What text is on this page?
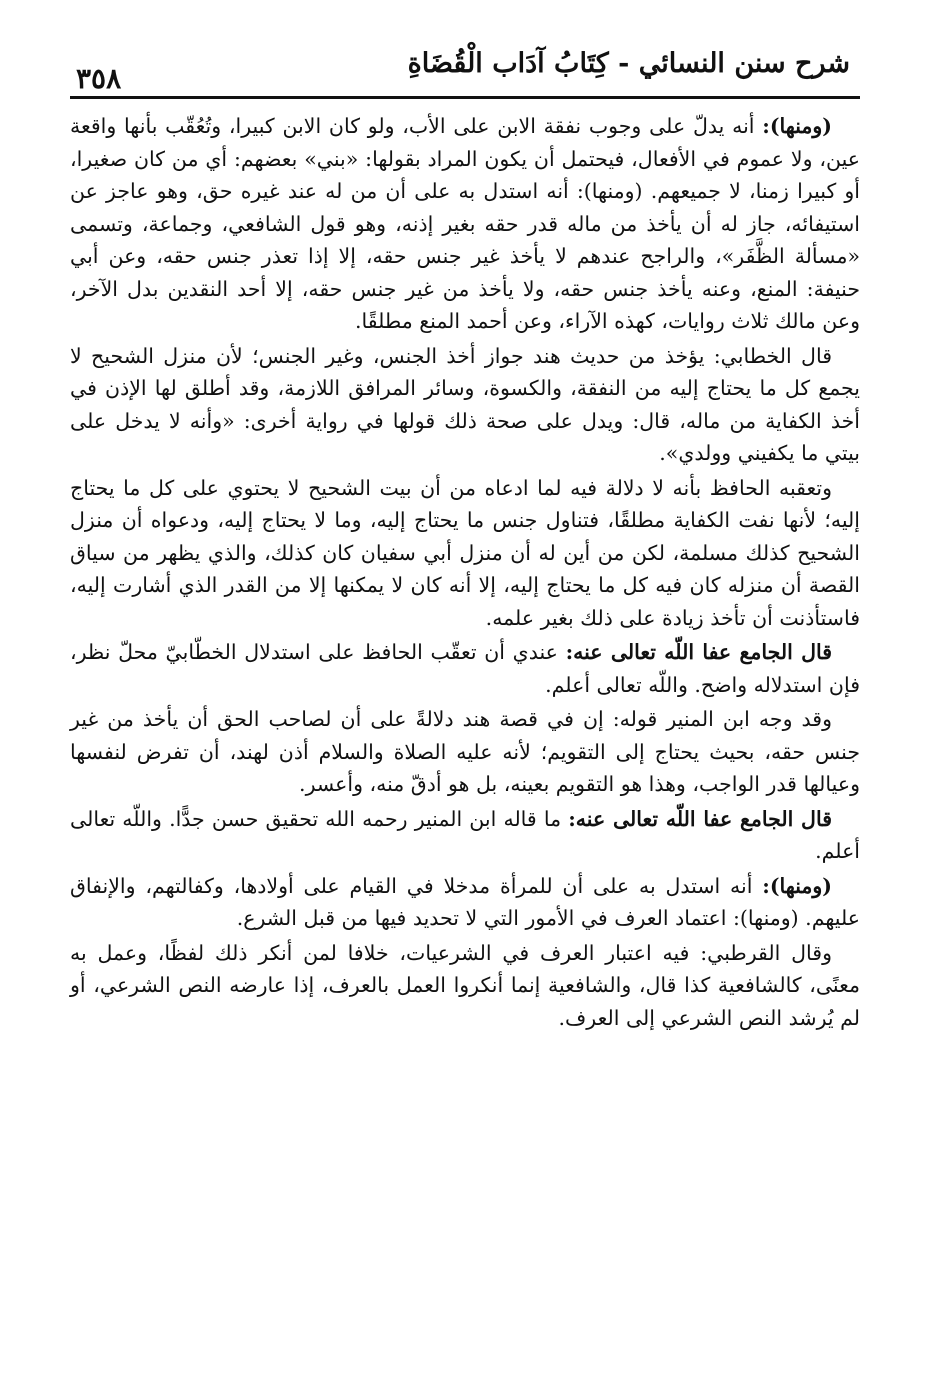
شرح سنن النسائي - كِتَابُ آدَاب الْقُضَاةِ
٣٥٨

(ومنها): أنه يدلّ على وجوب نفقة الابن على الأب، ولو كان الابن كبيرا، وتُعُقّب بأنها واقعة عين، ولا عموم في الأفعال، فيحتمل أن يكون المراد بقولها: «بني» بعضهم: أي من كان صغيرا، أو كبيرا زمنا، لا جميعهم. (ومنها): أنه استدل به على أن من له عند غيره حق، وهو عاجز عن استيفائه، جاز له أن يأخذ من ماله قدر حقه بغير إذنه، وهو قول الشافعي، وجماعة، وتسمى «مسألة الظَّفَر»، والراجح عندهم لا يأخذ غير جنس حقه، إلا إذا تعذر جنس حقه، وعن أبي حنيفة: المنع، وعنه يأخذ جنس حقه، ولا يأخذ من غير جنس حقه، إلا أحد النقدين بدل الآخر، وعن مالك ثلاث روايات، كهذه الآراء، وعن أحمد المنع مطلقًا.

قال الخطابي: يؤخذ من حديث هند جواز أخذ الجنس، وغير الجنس؛ لأن منزل الشحيح لا يجمع كل ما يحتاج إليه من النفقة، والكسوة، وسائر المرافق اللازمة، وقد أطلق لها الإذن في أخذ الكفاية من ماله، قال: ويدل على صحة ذلك قولها في رواية أخرى: «وأنه لا يدخل على بيتي ما يكفيني وولدي».

وتعقبه الحافظ بأنه لا دلالة فيه لما ادعاه من أن بيت الشحيح لا يحتوي على كل ما يحتاج إليه؛ لأنها نفت الكفاية مطلقًا، فتناول جنس ما يحتاج إليه، وما لا يحتاج إليه، ودعواه أن منزل الشحيح كذلك مسلمة، لكن من أين له أن منزل أبي سفيان كان كذلك، والذي يظهر من سياق القصة أن منزله كان فيه كل ما يحتاج إليه، إلا أنه كان لا يمكنها إلا من القدر الذي أشارت إليه، فاستأذنت أن تأخذ زيادة على ذلك بغير علمه.

قال الجامع عفا اللّه تعالى عنه: عندي أن تعقّب الحافظ على استدلال الخطّابيّ محلّ نظر، فإن استدلاله واضح. واللّه تعالى أعلم.

وقد وجه ابن المنير قوله: إن في قصة هند دلالةً على أن لصاحب الحق أن يأخذ من غير جنس حقه، بحيث يحتاج إلى التقويم؛ لأنه عليه الصلاة والسلام أذن لهند، أن تفرض لنفسها وعيالها قدر الواجب، وهذا هو التقويم بعينه، بل هو أدقّ منه، وأعسر.

قال الجامع عفا اللّه تعالى عنه: ما قاله ابن المنير رحمه الله تحقيق حسن جدًّا. واللّه تعالى أعلم.

(ومنها): أنه استدل به على أن للمرأة مدخلا في القيام على أولادها، وكفالتهم، والإنفاق عليهم. (ومنها): اعتماد العرف في الأمور التي لا تحديد فيها من قبل الشرع.

وقال القرطبي: فيه اعتبار العرف في الشرعيات، خلافا لمن أنكر ذلك لفظًا، وعمل به معنًى، كالشافعية كذا قال، والشافعية إنما أنكروا العمل بالعرف، إذا عارضه النص الشرعي، أو لم يُرشد النص الشرعي إلى العرف.
